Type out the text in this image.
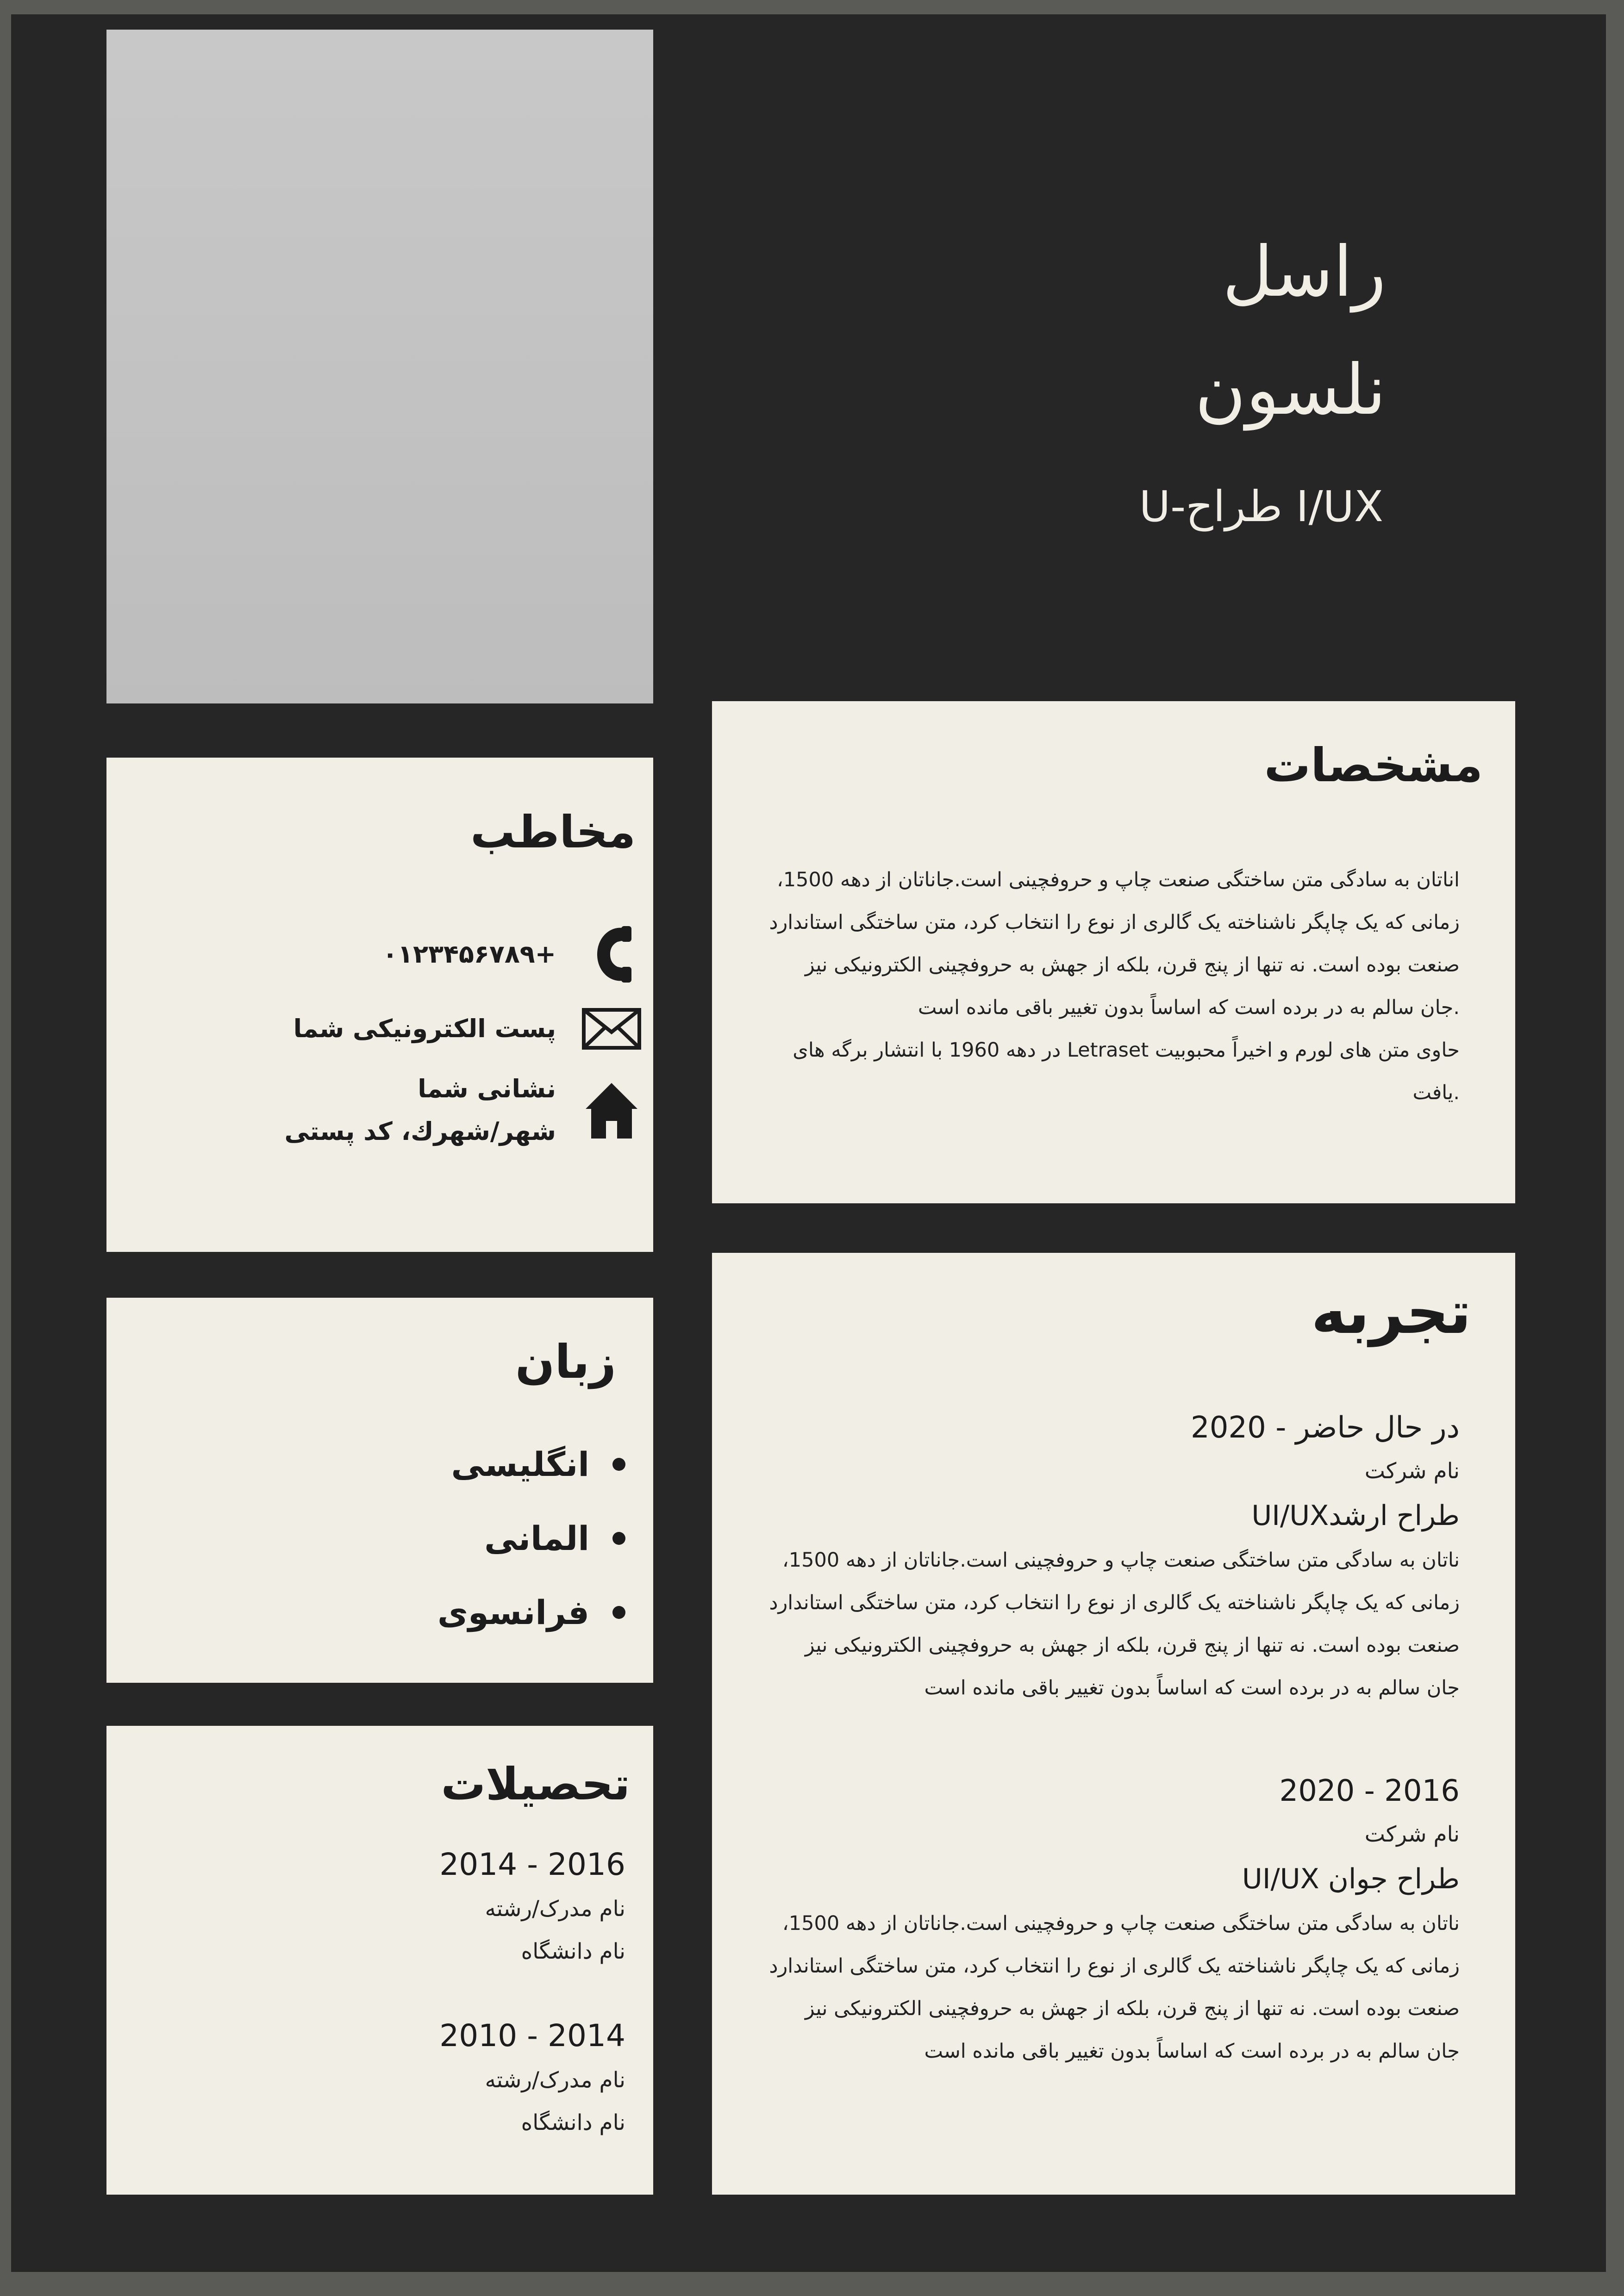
راسل
نلسون
U-طراح I/UX
مشخصات
اناتان به سادگی متن ساختگی صنعت چاپ و حروفچینی است.جاناتان از دهه 1500،
زمانی که یک چاپگر ناشناخته یک گالری از نوع را انتخاب کرد، متن ساختگی استاندارد
صنعت بوده است. نه تنها از پنج قرن، بلکه از جهش به حروفچینی الکترونیکی نیز
.جان سالم به در برده است که اساساً بدون تغییر باقی مانده است
حاوی متن های لورم و اخیراً محبوبیت Letraset در دهه 1960 با انتشار برگه های
.یافت
مخاطب
+۰۱۲۳۴۵۶۷۸۹
پست الکترونیکی شما
نشانی شما
شهر/شهرك، كد پستی
زبان
انگلیسی
المانی
فرانسوی
تحصیلات
2014 - 2016
نام مدرک/رشته
نام دانشگاه
2010 - 2014
نام مدرک/رشته
نام دانشگاه
تجربه
در حال حاضر - 2020
نام شرکت
طراح ارشدUI/UX
ناتان به سادگی متن ساختگی صنعت چاپ و حروفچینی است.جاناتان از دهه 1500،
زمانی که یک چاپگر ناشناخته یک گالری از نوع را انتخاب کرد، متن ساختگی استاندارد
صنعت بوده است. نه تنها از پنج قرن، بلکه از جهش به حروفچینی الکترونیکی نیز
جان سالم به در برده است که اساساً بدون تغییر باقی مانده است
2016 - 2020
نام شرکت
طراح جوان UI/UX
ناتان به سادگی متن ساختگی صنعت چاپ و حروفچینی است.جاناتان از دهه 1500،
زمانی که یک چاپگر ناشناخته یک گالری از نوع را انتخاب کرد، متن ساختگی استاندارد
صنعت بوده است. نه تنها از پنج قرن، بلکه از جهش به حروفچینی الکترونیکی نیز
جان سالم به در برده است که اساساً بدون تغییر باقی مانده است
